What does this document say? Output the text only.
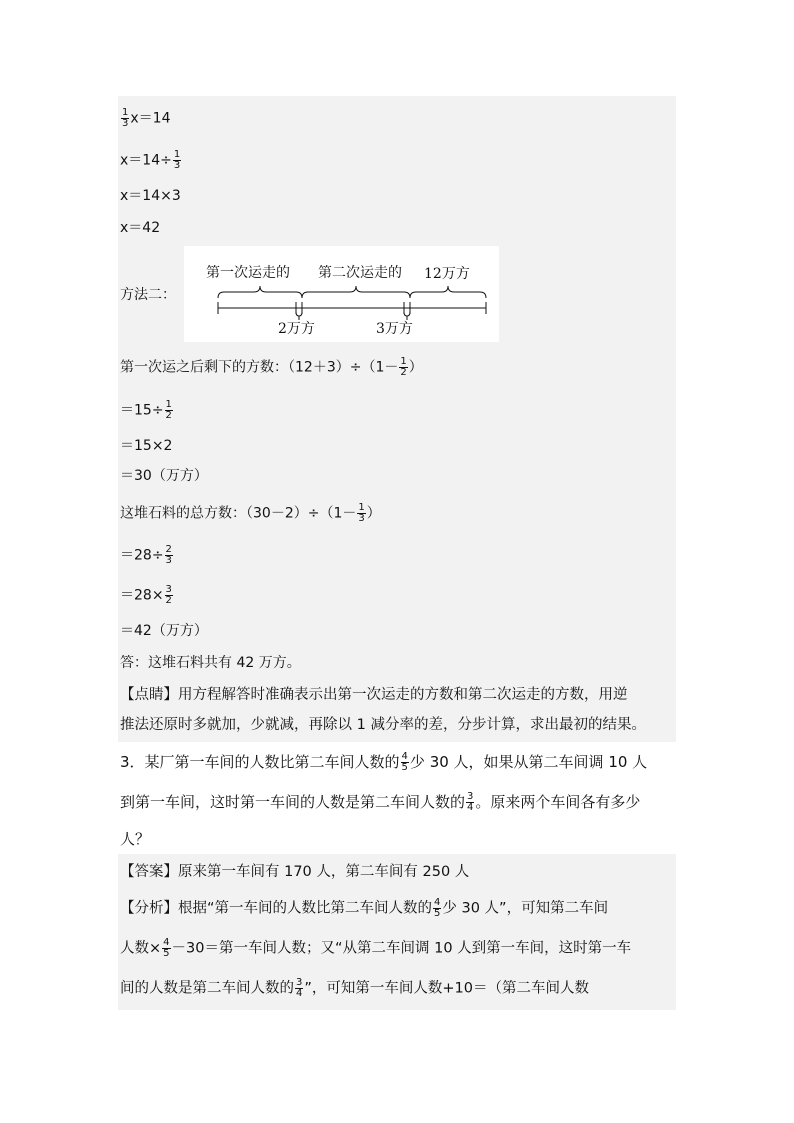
$\frac{1}{3} x=14$
$x=14\div \frac{1}{3}$
x＝14×3
x＝42
方法二：
第一次运走的 第二次运走的 12万方
2万方	3万方
第一次运之后剩下的方数：$(12+3)\div(1- \frac{1}{2}$ ）
$=15\div \frac{1}{2}$
＝15×2
＝30（万方）
这堆石料的总方数：$(30-2)\div(1- \frac{1}{3}$ ）
$=28\div \frac{2}{3}$
$=28\times \frac{3}{2}$
＝42（万方）
答：这堆石料共有 42 万方。
【点睛】用方程解答时准确表示出第一次运走的方数和第二次运走的方数，用逆
推法还原时多就加，少就减，再除以 1 减分率的差，分步计算，求出最初的结果。
3．某厂第一车间的人数比第二车间人数的 $\frac{4}{5}$ 少 30 人，如果从第二车间调 10 人
到第一车间，这时第一车间的人数是第二车间人数的 $\frac{3}{4}$ 。原来两个车间各有多少
人？
【答案】原来第一车间有 170 人，第二车间有 250 人
【分析】根据“第一车间的人数比第二车间人数的 $\frac{4}{5}$ 少 30 人”，可知第二车间
人数× $\frac{4}{5} -30=$第一车间人数；又“从第二车间调 10 人到第一车间，这时第一车
间的人数是第二车间人数的 $\frac{3}{4}$ ”，可知第一车间人数+10＝（第二车间人数
